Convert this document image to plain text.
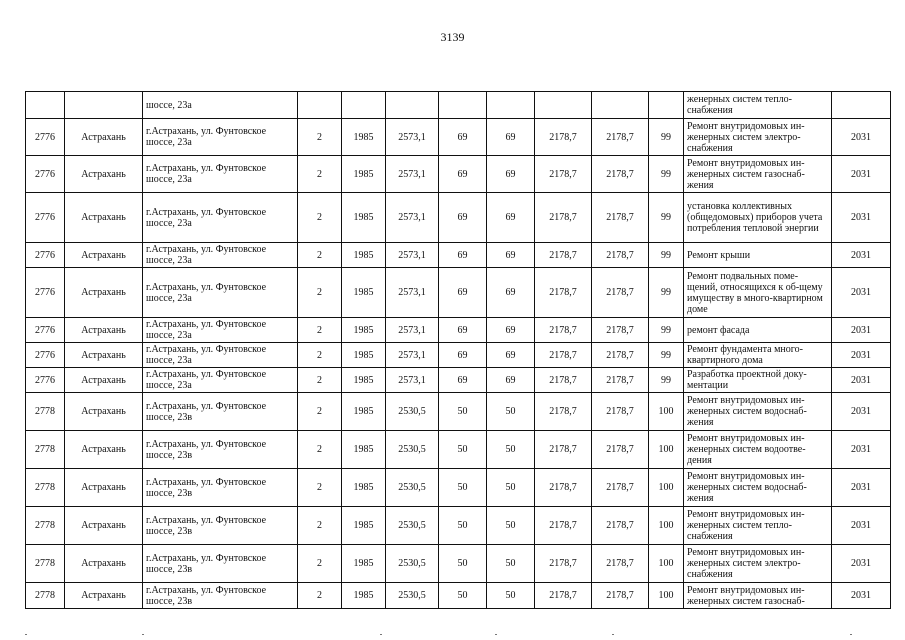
3139
		шоссе, 23а									женерных систем тепло-снабжения	
2776	Астрахань	г.Астрахань, ул. Фунтовское шоссе, 23а	2	1985	2573,1	69	69	2178,7	2178,7	99	Ремонт внутридомовых ин-женерных систем электро-снабжения	2031
2776	Астрахань	г.Астрахань, ул. Фунтовское шоссе, 23а	2	1985	2573,1	69	69	2178,7	2178,7	99	Ремонт внутридомовых ин-женерных систем газоснаб-жения	2031
2776	Астрахань	г.Астрахань, ул. Фунтовское шоссе, 23а	2	1985	2573,1	69	69	2178,7	2178,7	99	установка коллективных (общедомовых) приборов учета потребления тепловой энергии	2031
2776	Астрахань	г.Астрахань, ул. Фунтовское шоссе, 23а	2	1985	2573,1	69	69	2178,7	2178,7	99	Ремонт крыши	2031
2776	Астрахань	г.Астрахань, ул. Фунтовское шоссе, 23а	2	1985	2573,1	69	69	2178,7	2178,7	99	Ремонт подвальных поме-щений, относящихся к об-щему имуществу в много-квартирном доме	2031
2776	Астрахань	г.Астрахань, ул. Фунтовское шоссе, 23а	2	1985	2573,1	69	69	2178,7	2178,7	99	ремонт фасада	2031
2776	Астрахань	г.Астрахань, ул. Фунтовское шоссе, 23а	2	1985	2573,1	69	69	2178,7	2178,7	99	Ремонт фундамента много-квартирного дома	2031
2776	Астрахань	г.Астрахань, ул. Фунтовское шоссе, 23а	2	1985	2573,1	69	69	2178,7	2178,7	99	Разработка проектной доку-ментации	2031
2778	Астрахань	г.Астрахань, ул. Фунтовское шоссе, 23в	2	1985	2530,5	50	50	2178,7	2178,7	100	Ремонт внутридомовых ин-женерных систем водоснаб-жения	2031
2778	Астрахань	г.Астрахань, ул. Фунтовское шоссе, 23в	2	1985	2530,5	50	50	2178,7	2178,7	100	Ремонт внутридомовых ин-женерных систем водоотве-дения	2031
2778	Астрахань	г.Астрахань, ул. Фунтовское шоссе, 23в	2	1985	2530,5	50	50	2178,7	2178,7	100	Ремонт внутридомовых ин-женерных систем водоснаб-жения	2031
2778	Астрахань	г.Астрахань, ул. Фунтовское шоссе, 23в	2	1985	2530,5	50	50	2178,7	2178,7	100	Ремонт внутридомовых ин-женерных систем тепло-снабжения	2031
2778	Астрахань	г.Астрахань, ул. Фунтовское шоссе, 23в	2	1985	2530,5	50	50	2178,7	2178,7	100	Ремонт внутридомовых ин-женерных систем электро-снабжения	2031
2778	Астрахань	г.Астрахань, ул. Фунтовское шоссе, 23в	2	1985	2530,5	50	50	2178,7	2178,7	100	Ремонт внутридомовых ин-женерных систем газоснаб-	2031
